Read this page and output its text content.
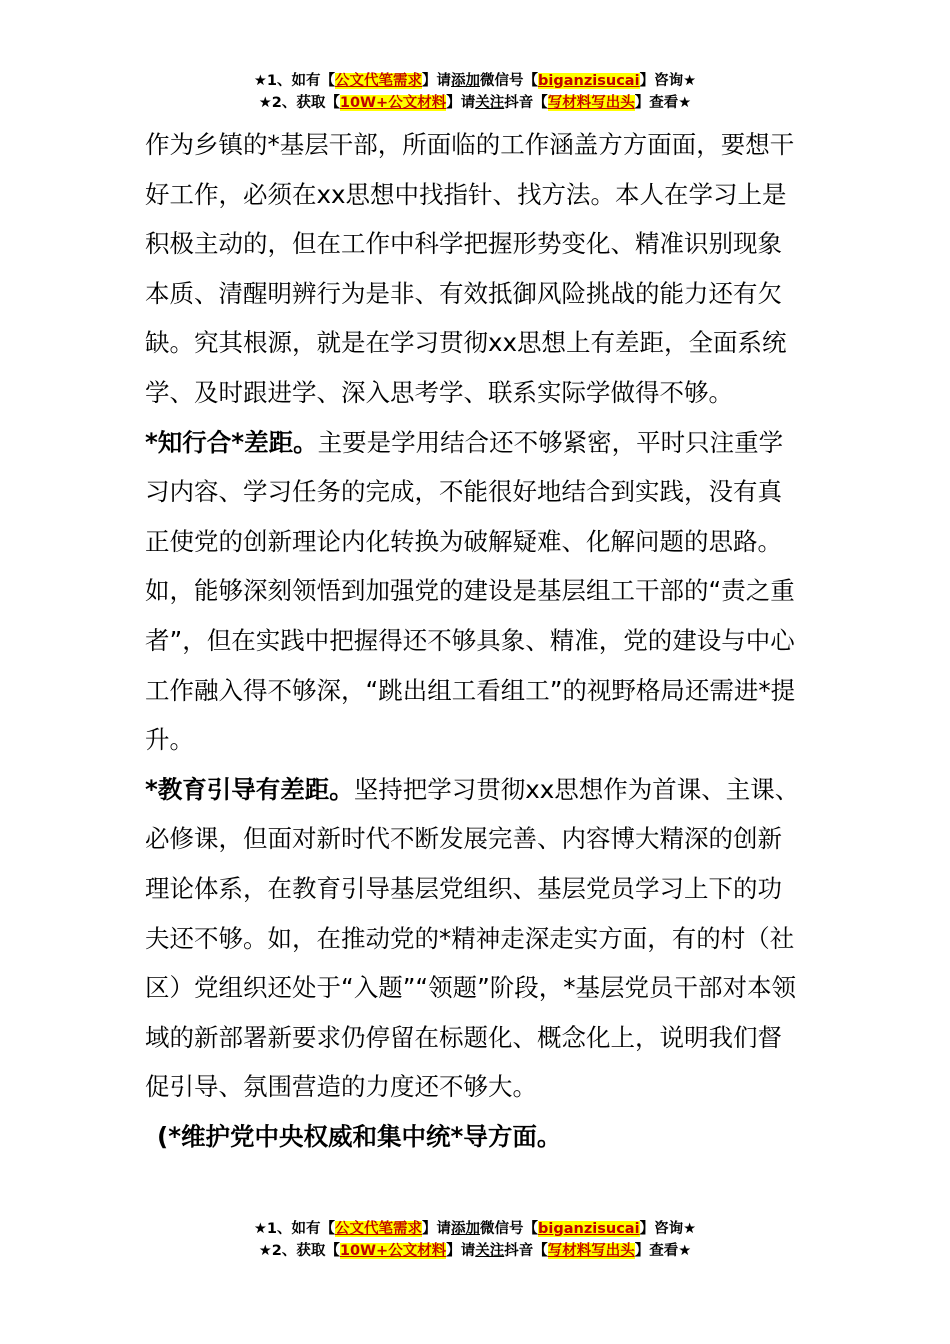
★1、如有【公文代笔需求】请添加微信号【biganzisucai】咨询★
★2、获取【10W+公文材料】请关注抖音【写材料写出头】查看★

作为乡镇的*基层干部，所面临的工作涵盖方方面面，要想干好工作，必须在xx思想中找指针、找方法。本人在学习上是积极主动的，但在工作中科学把握形势变化、精准识别现象本质、清醒明辨行为是非、有效抵御风险挑战的能力还有欠缺。究其根源，就是在学习贯彻xx思想上有差距，全面系统学、及时跟进学、深入思考学、联系实际学做得不够。

*知行合*差距。主要是学用结合还不够紧密，平时只注重学习内容、学习任务的完成，不能很好地结合到实践，没有真正使党的创新理论内化转换为破解疑难、化解问题的思路。如，能够深刻领悟到加强党的建设是基层组工干部的“责之重者”，但在实践中把握得还不够具象、精准，党的建设与中心工作融入得不够深，“跳出组工看组工”的视野格局还需进*提升。

*教育引导有差距。坚持把学习贯彻xx思想作为首课、主课、必修课，但面对新时代不断发展完善、内容博大精深的创新理论体系，在教育引导基层党组织、基层党员学习上下的功夫还不够。如，在推动党的*精神走深走实方面，有的村（社区）党组织还处于“入题”“领题”阶段，*基层党员干部对本领域的新部署新要求仍停留在标题化、概念化上，说明我们督促引导、氛围营造的力度还不够大。

(*维护党中央权威和集中统*导方面。

★1、如有【公文代笔需求】请添加微信号【biganzisucai】咨询★
★2、获取【10W+公文材料】请关注抖音【写材料写出头】查看★
